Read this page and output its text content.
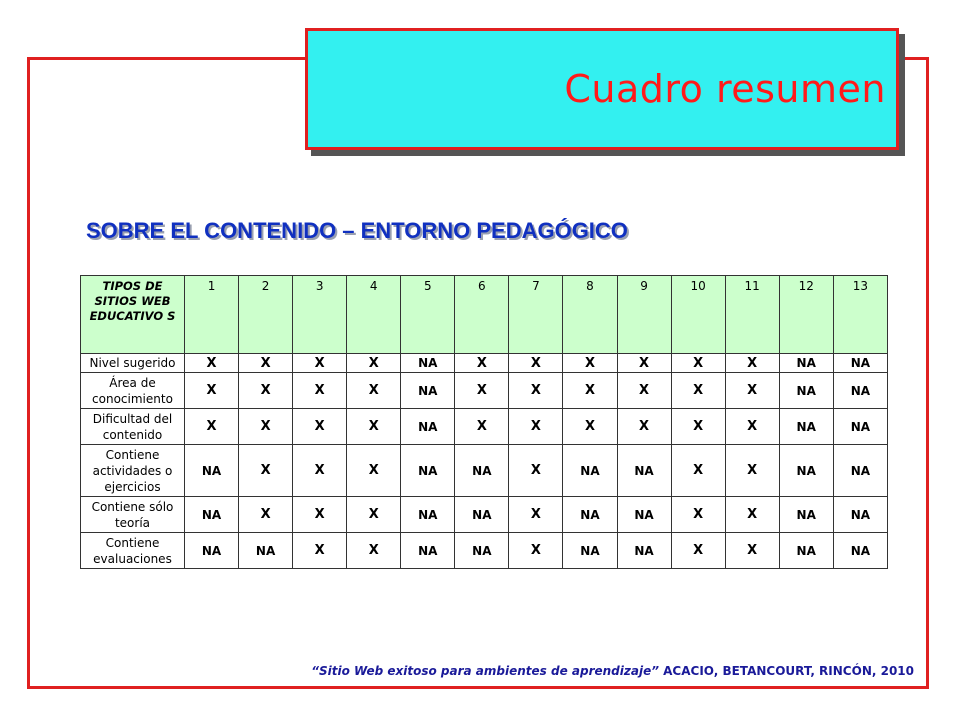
Cuadro resumen
SOBRE EL CONTENIDO – ENTORNO PEDAGÓGICO
TIPOS DE SITIOS WEB EDUCATIVO S	1	2	3	4	5	6	7	8	9	10	11	12	13
Nivel sugerido	X	X	X	X	NA	X	X	X	X	X	X	NA	NA
Área de conocimiento	X	X	X	X	NA	X	X	X	X	X	X	NA	NA
Dificultad del contenido	X	X	X	X	NA	X	X	X	X	X	X	NA	NA
Contiene actividades o ejercicios	NA	X	X	X	NA	NA	X	NA	NA	X	X	NA	NA
Contiene sólo teoría	NA	X	X	X	NA	NA	X	NA	NA	X	X	NA	NA
Contiene evaluaciones	NA	NA	X	X	NA	NA	X	NA	NA	X	X	NA	NA
“Sitio Web exitoso para ambientes de aprendizaje” ACACIO, BETANCOURT, RINCÓN, 2010
